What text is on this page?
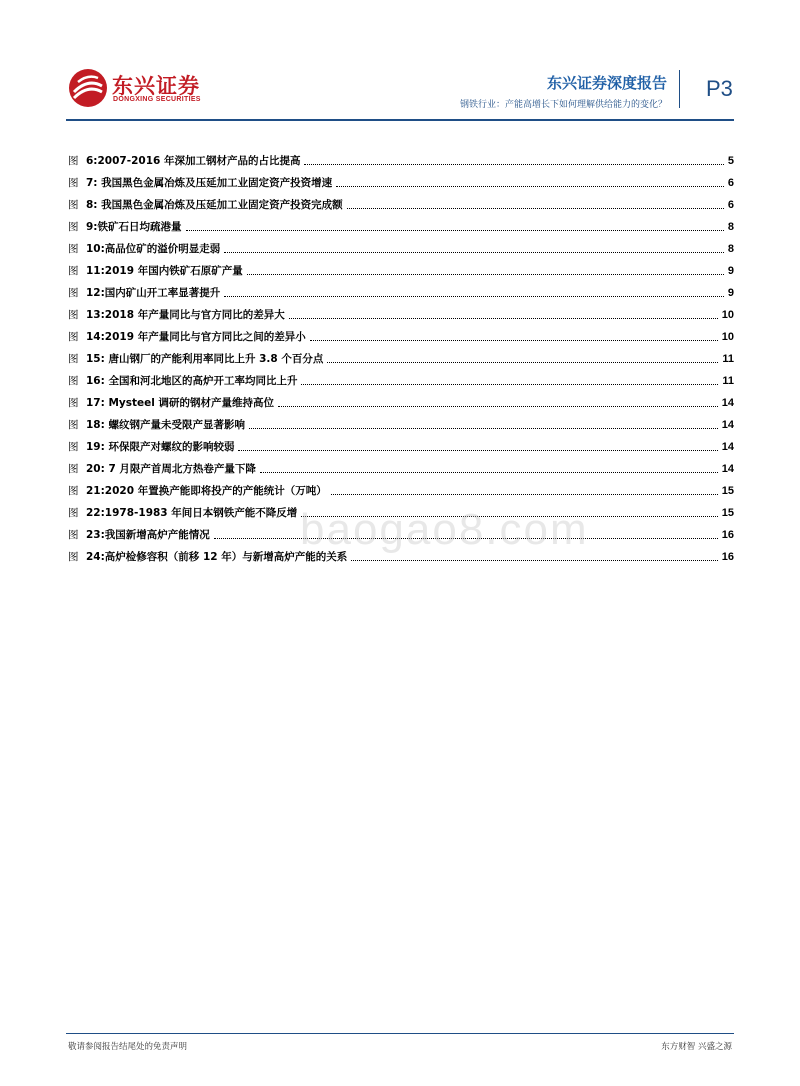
东兴证券
DONGXING SECURITIES
东兴证券深度报告
钢铁行业：产能高增长下如何理解供给能力的变化？
P3
图 6:2007-2016 年深加工钢材产品的占比提高	5
图 7: 我国黑色金属冶炼及压延加工业固定资产投资增速	6
图 8: 我国黑色金属冶炼及压延加工业固定资产投资完成额	6
图 9:铁矿石日均疏港量	8
图 10:高品位矿的溢价明显走弱	8
图 11:2019 年国内铁矿石原矿产量	9
图 12:国内矿山开工率显著提升	9
图 13:2018 年产量同比与官方同比的差异大	10
图 14:2019 年产量同比与官方同比之间的差异小	10
图 15: 唐山钢厂的产能利用率同比上升 3.8 个百分点	11
图 16: 全国和河北地区的高炉开工率均同比上升	11
图 17: Mysteel 调研的钢材产量维持高位	14
图 18: 螺纹钢产量未受限产显著影响	14
图 19: 环保限产对螺纹的影响较弱	14
图 20: 7 月限产首周北方热卷产量下降	14
图 21:2020 年置换产能即将投产的产能统计（万吨）	15
图 22:1978-1983 年间日本钢铁产能不降反增	15
图 23:我国新增高炉产能情况	16
图 24:高炉检修容积（前移 12 年）与新增高炉产能的关系	16
baogao8.com
敬请参阅报告结尾处的免责声明	东方财智 兴盛之源
